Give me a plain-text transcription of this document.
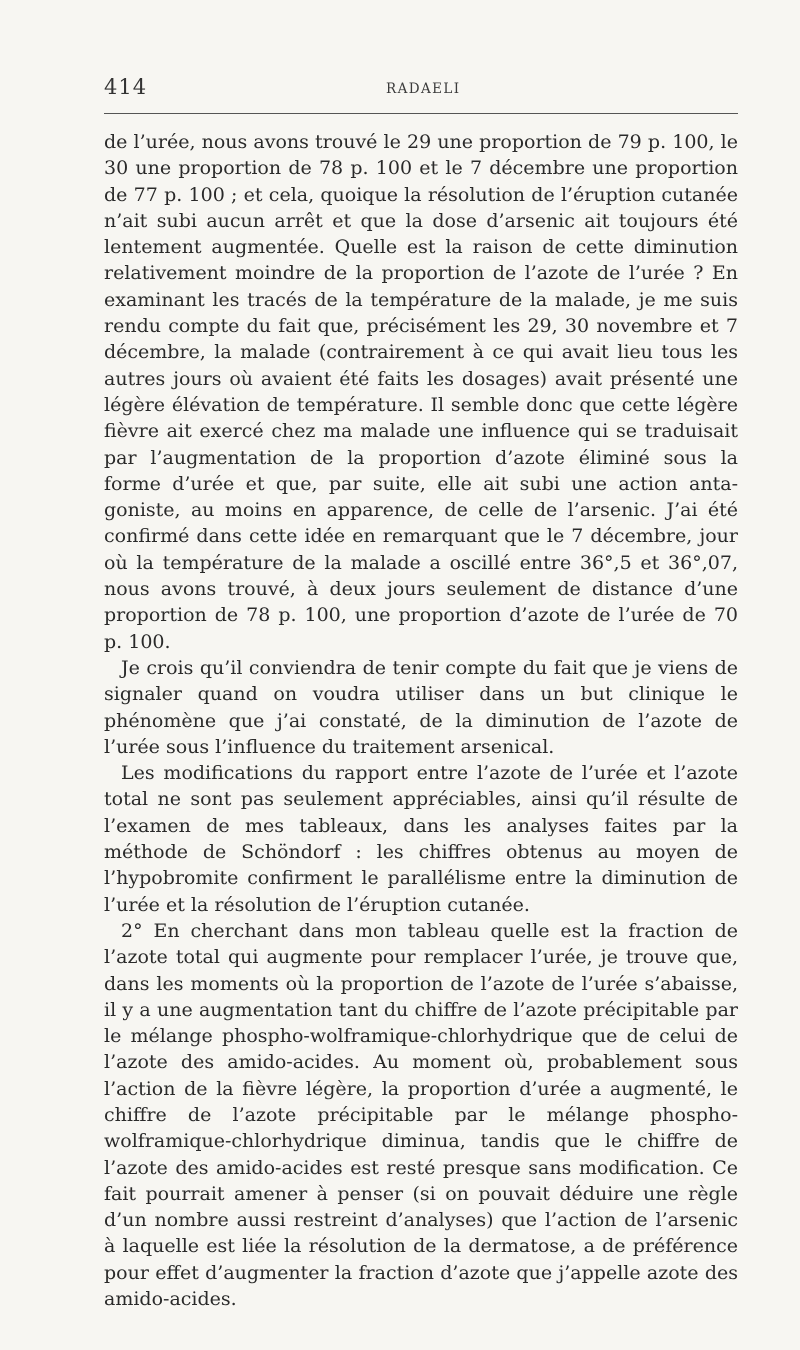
414	RADAELI

de l’urée, nous avons trouvé le 29 une proportion de 79 p. 100, le 30 une proportion de 78 p. 100 et le 7 décembre une proportion de 77 p. 100 ; et cela, quoique la résolution de l’éruption cutanée n’ait subi aucun arrêt et que la dose d’arsenic ait toujours été lentement augmentée. Quelle est la raison de cette diminution relativement moindre de la proportion de l’azote de l’urée ? En examinant les tracés de la température de la malade, je me suis rendu compte du fait que, précisément les 29, 30 novembre et 7 décembre, la malade (contrairement à ce qui avait lieu tous les autres jours où avaient été faits les dosages) avait présenté une légère élévation de température. Il semble donc que cette légère fièvre ait exercé chez ma malade une influence qui se traduisait par l’augmentation de la proportion d’azote éliminé sous la forme d’urée et que, par suite, elle ait subi une action antagoniste, au moins en apparence, de celle de l’arsenic. J’ai été confirmé dans cette idée en remarquant que le 7 décembre, jour où la température de la malade a oscillé entre 36°,5 et 36°,07, nous avons trouvé, à deux jours seulement de distance d’une proportion de 78 p. 100, une proportion d’azote de l’urée de 70 p. 100.

Je crois qu’il conviendra de tenir compte du fait que je viens de signaler quand on voudra utiliser dans un but clinique le phénomène que j’ai constaté, de la diminution de l’azote de l’urée sous l’influence du traitement arsenical.

Les modifications du rapport entre l’azote de l’urée et l’azote total ne sont pas seulement appréciables, ainsi qu’il résulte de l’examen de mes tableaux, dans les analyses faites par la méthode de Schöndorf : les chiffres obtenus au moyen de l’hypobromite confirment le parallélisme entre la diminution de l’urée et la résolution de l’éruption cutanée.

2° En cherchant dans mon tableau quelle est la fraction de l’azote total qui augmente pour remplacer l’urée, je trouve que, dans les moments où la proportion de l’azote de l’urée s’abaisse, il y a une augmentation tant du chiffre de l’azote précipitable par le mélange phospho-wolframique-chlorhydrique que de celui de l’azote des amido-acides. Au moment où, probablement sous l’action de la fièvre légère, la proportion d’urée a augmenté, le chiffre de l’azote précipitable par le mélange phospho-wolframique-chlorhydrique diminua, tandis que le chiffre de l’azote des amido-acides est resté presque sans modification. Ce fait pourrait amener à penser (si on pouvait déduire une règle d’un nombre aussi restreint d’analyses) que l’action de l’arsenic à laquelle est liée la résolution de la dermatose, a de préférence pour effet d’augmenter la fraction d’azote que j’appelle azote des amido-acides.
